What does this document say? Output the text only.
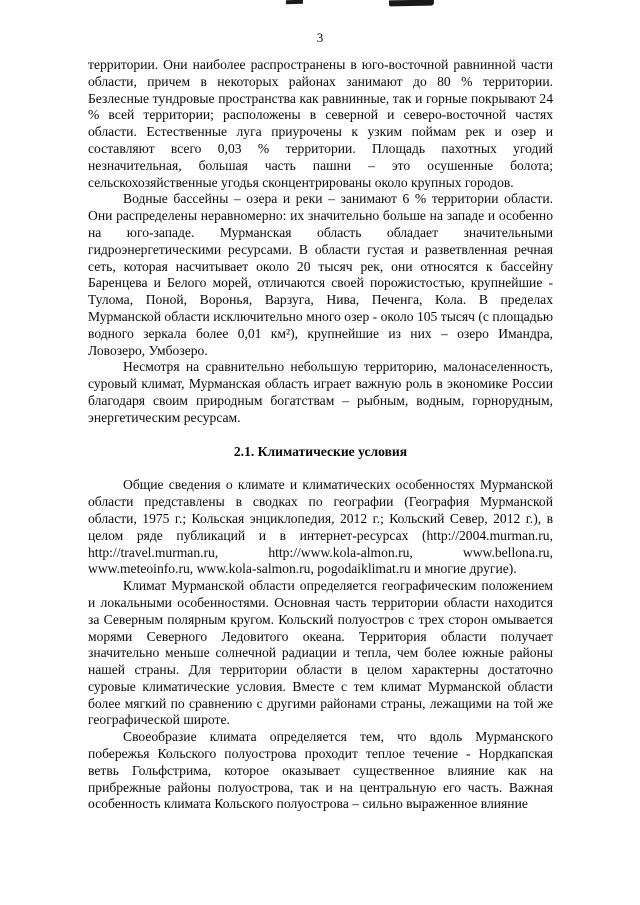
3

территории. Они наиболее распространены в юго-восточной равнинной части области, причем в некоторых районах занимают до 80 % территории. Безлесные тундровые пространства как равнинные, так и горные покрывают 24 % всей территории; расположены в северной и северо-восточной частях области. Естественные луга приурочены к узким поймам рек и озер и составляют всего 0,03 % территории. Площадь пахотных угодий незначительная, большая часть пашни – это осушенные болота; сельскохозяйственные угодья сконцентрированы около крупных городов.

Водные бассейны – озера и реки – занимают 6 % территории области. Они распределены неравномерно: их значительно больше на западе и особенно на юго-западе. Мурманская область обладает значительными гидроэнергетическими ресурсами. В области густая и разветвленная речная сеть, которая насчитывает около 20 тысяч рек, они относятся к бассейну Баренцева и Белого морей, отличаются своей порожистостью, крупнейшие - Тулома, Поной, Воронья, Варзуга, Нива, Печенга, Кола. В пределах Мурманской области исключительно много озер - около 105 тысяч (с площадью водного зеркала более 0,01 км²), крупнейшие из них – озеро Имандра, Ловозеро, Умбозеро.

Несмотря на сравнительно небольшую территорию, малонаселенность, суровый климат, Мурманская область играет важную роль в экономике России благодаря своим природным богатствам – рыбным, водным, горнорудным, энергетическим ресурсам.

2.1. Климатические условия

Общие сведения о климате и климатических особенностях Мурманской области представлены в сводках по географии (География Мурманской области, 1975 г.; Кольская энциклопедия, 2012 г.; Кольский Север, 2012 г.), в целом ряде публикаций и в интернет-ресурсах (http://2004.murman.ru, http://travel.murman.ru, http://www.kola-almon.ru, www.bellona.ru, www.meteoinfo.ru, www.kola-salmon.ru, pogodaiklimat.ru и многие другие).

Климат Мурманской области определяется географическим положением и локальными особенностями. Основная часть территории области находится за Северным полярным кругом. Кольский полуостров с трех сторон омывается морями Северного Ледовитого океана. Территория области получает значительно меньше солнечной радиации и тепла, чем более южные районы нашей страны. Для территории области в целом характерны достаточно суровые климатические условия. Вместе с тем климат Мурманской области более мягкий по сравнению с другими районами страны, лежащими на той же географической широте.

Своеобразие климата определяется тем, что вдоль Мурманского побережья Кольского полуострова проходит теплое течение - Нордкапская ветвь Гольфстрима, которое оказывает существенное влияние как на прибрежные районы полуострова, так и на центральную его часть. Важная особенность климата Кольского полуострова – сильно выраженное влияние
